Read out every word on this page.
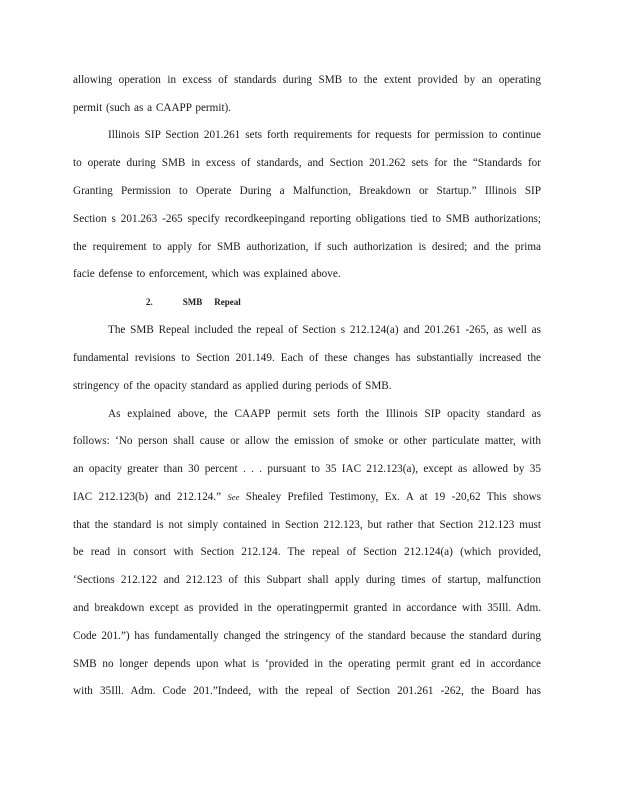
allowing operation in excess of standards during SMB to the extent provided by an operating
permit (such as a CAAPP permit).
Illinois SIP Section 201.261 sets forth requirements for requests for permission to continue
to operate during SMB in excess of standards, and Section 201.262 sets for the “Standards for
Granting Permission to Operate During a Malfunction, Breakdown or Startup.” Illinois SIP
Section s 201.263 -265 specify recordkeepingand reporting obligations tied to SMB authorizations;
the requirement to apply for SMB authorization, if such authorization is desired; and the prima
facie defense to enforcement, which was explained above.
2.	SMB Repeal
The SMB Repeal included the repeal of Section s 212.124(a) and 201.261 -265, as well as
fundamental revisions to Section 201.149. Each of these changes has substantially increased the
stringency of the opacity standard as applied during periods of SMB.
As explained above, the CAAPP permit sets forth the Illinois SIP opacity standard as
follows: ‘No person shall cause or allow the emission of smoke or other particulate matter, with
an opacity greater than 30 percent . . . pursuant to 35 IAC 212.123(a), except as allowed by 35
IAC 212.123(b) and 212.124.” See Shealey Prefiled Testimony, Ex. A at 19 -20,62 This shows
that the standard is not simply contained in Section 212.123, but rather that Section 212.123 must
be read in consort with Section 212.124. The repeal of Section 212.124(a) (which provided,
‘Sections 212.122 and 212.123 of this Subpart shall apply during times of startup, malfunction
and breakdown except as provided in the operatingpermit granted in accordance with 35Ill. Adm.
Code 201.”) has fundamentally changed the stringency of the standard because the standard during
SMB no longer depends upon what is ‘provided in the operating permit grant ed in accordance
with 35Ill. Adm. Code 201.”Indeed, with the repeal of Section 201.261 -262, the Board has
